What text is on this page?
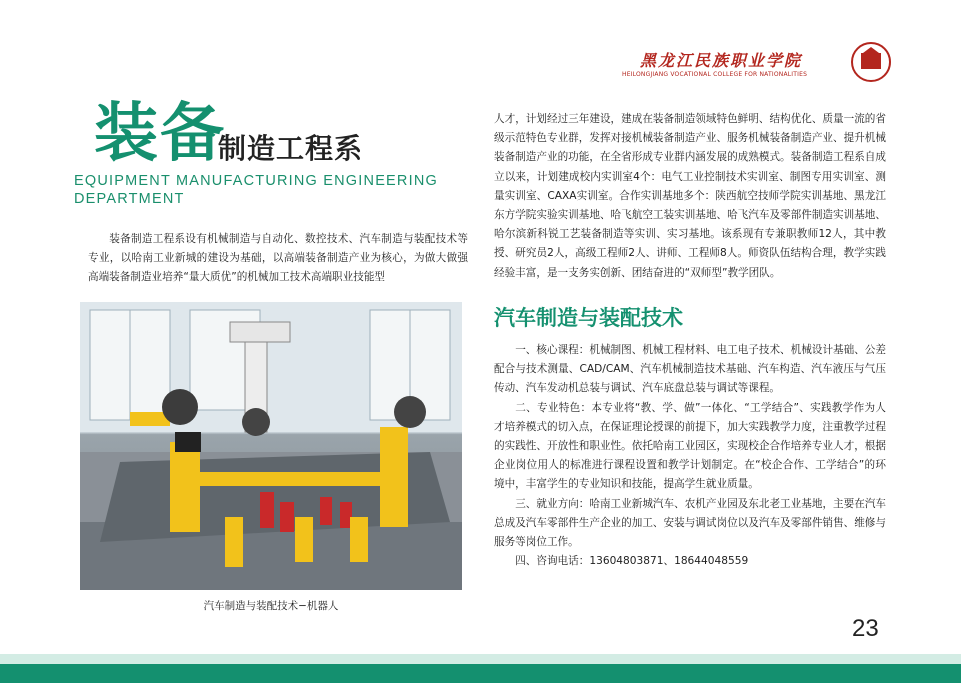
黑龙江民族职业学院
HEILONGJIANG VOCATIONAL COLLEGE FOR NATIONALITIES
装备
制造工程系
EQUIPMENT MANUFACTURING ENGINEERING DEPARTMENT
装备制造工程系设有机械制造与自动化、数控技术、汽车制造与装配技术等专业，以哈南工业新城的建设为基础，以高端装备制造产业为核心，为做大做强高端装备制造业培养“量大质优”的机械加工技术高端职业技能型
汽车制造与装配技术−机器人
人才，计划经过三年建设，建成在装备制造领域特色鲜明、结构优化、质量一流的省级示范特色专业群，发挥对接机械装备制造产业、服务机械装备制造产业、提升机械装备制造产业的功能，在全省形成专业群内涵发展的成熟模式。装备制造工程系自成立以来，计划建成校内实训室4个：电气工业控制技术实训室、制图专用实训室、测量实训室、CAXA实训室。合作实训基地多个：陕西航空技师学院实训基地、黑龙江东方学院实验实训基地、哈飞航空工装实训基地、哈飞汽车及零部件制造实训基地、哈尔滨新科锐工艺装备制造等实训、实习基地。该系现有专兼职教师12人，其中教授、研究员2人，高级工程师2人、讲师、工程师8人。师资队伍结构合理，教学实践经验丰富，是一支务实创新、团结奋进的“双师型”教学团队。
汽车制造与装配技术

一、核心课程：机械制图、机械工程材料、电工电子技术、机械设计基础、公差配合与技术测量、CAD/CAM、汽车机械制造技术基础、汽车构造、汽车液压与气压传动、汽车发动机总装与调试、汽车底盘总装与调试等课程。

二、专业特色：本专业将“教、学、做”一体化、“工学结合”、实践教学作为人才培养模式的切入点，在保证理论授课的前提下，加大实践教学力度，注重教学过程的实践性、开放性和职业性。依托哈南工业园区，实现校企合作培养专业人才，根据企业岗位用人的标准进行课程设置和教学计划制定。在“校企合作、工学结合”的环境中，丰富学生的专业知识和技能，提高学生就业质量。

三、就业方向：哈南工业新城汽车、农机产业园及东北老工业基地，主要在汽车总成及汽车零部件生产企业的加工、安装与调试岗位以及汽车及零部件销售、维修与服务等岗位工作。

四、咨询电话：13604803871、18644048559

23
